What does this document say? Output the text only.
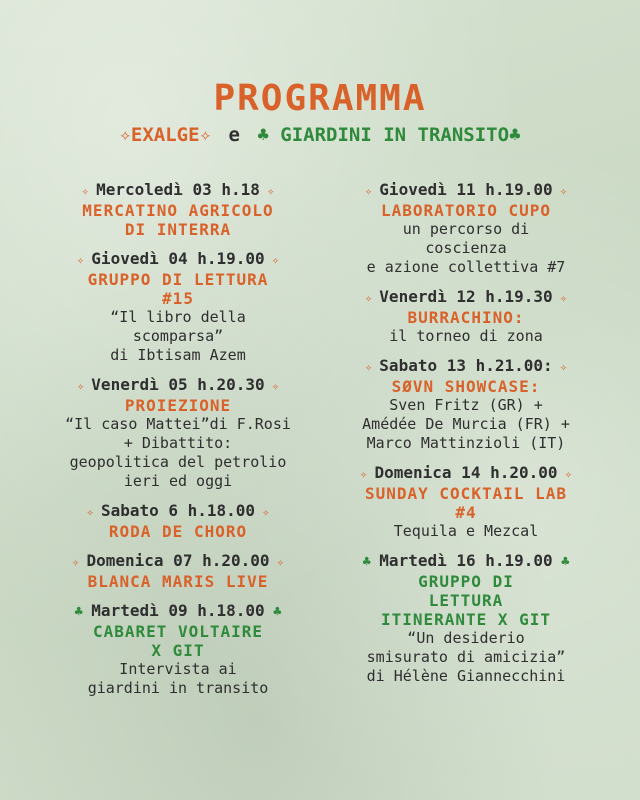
PROGRAMMA
✧EXALGE✧ e ♣ GIARDINI IN TRANSITO♣
✧ Mercoledì 03 h.18 ✧
MERCATINO AGRICOLO
DI INTERRA
✧ Giovedì 04 h.19.00 ✧
GRUPPO DI LETTURA
#15
“Il libro della
scomparsa”
di Ibtisam Azem
✧ Venerdì 05 h.20.30 ✧
PROIEZIONE
“Il caso Mattei”di F.Rosi
+ Dibattito:
geopolitica del petrolio
ieri ed oggi
✧ Sabato 6 h.18.00 ✧
RODA DE CHORO
✧ Domenica 07 h.20.00 ✧
BLANCA MARIS LIVE
♣ Martedì 09 h.18.00 ♣
CABARET VOLTAIRE
X GIT
Intervista ai
giardini in transito
✧ Giovedì 11 h.19.00 ✧
LABORATORIO CUPO
un percorso di
coscienza
e azione collettiva #7
✧ Venerdì 12 h.19.30 ✧
BURRACHINO:
il torneo di zona
✧ Sabato 13 h.21.00: ✧
SØVN SHOWCASE:
Sven Fritz (GR) +
Amédée De Murcia (FR) +
Marco Mattinzioli (IT)
✧ Domenica 14 h.20.00 ✧
SUNDAY COCKTAIL LAB
#4
Tequila e Mezcal
♣ Martedì 16 h.19.00 ♣
GRUPPO DI
LETTURA
ITINERANTE X GIT
“Un desiderio
smisurato di amicizia”
di Hélène Giannecchini
